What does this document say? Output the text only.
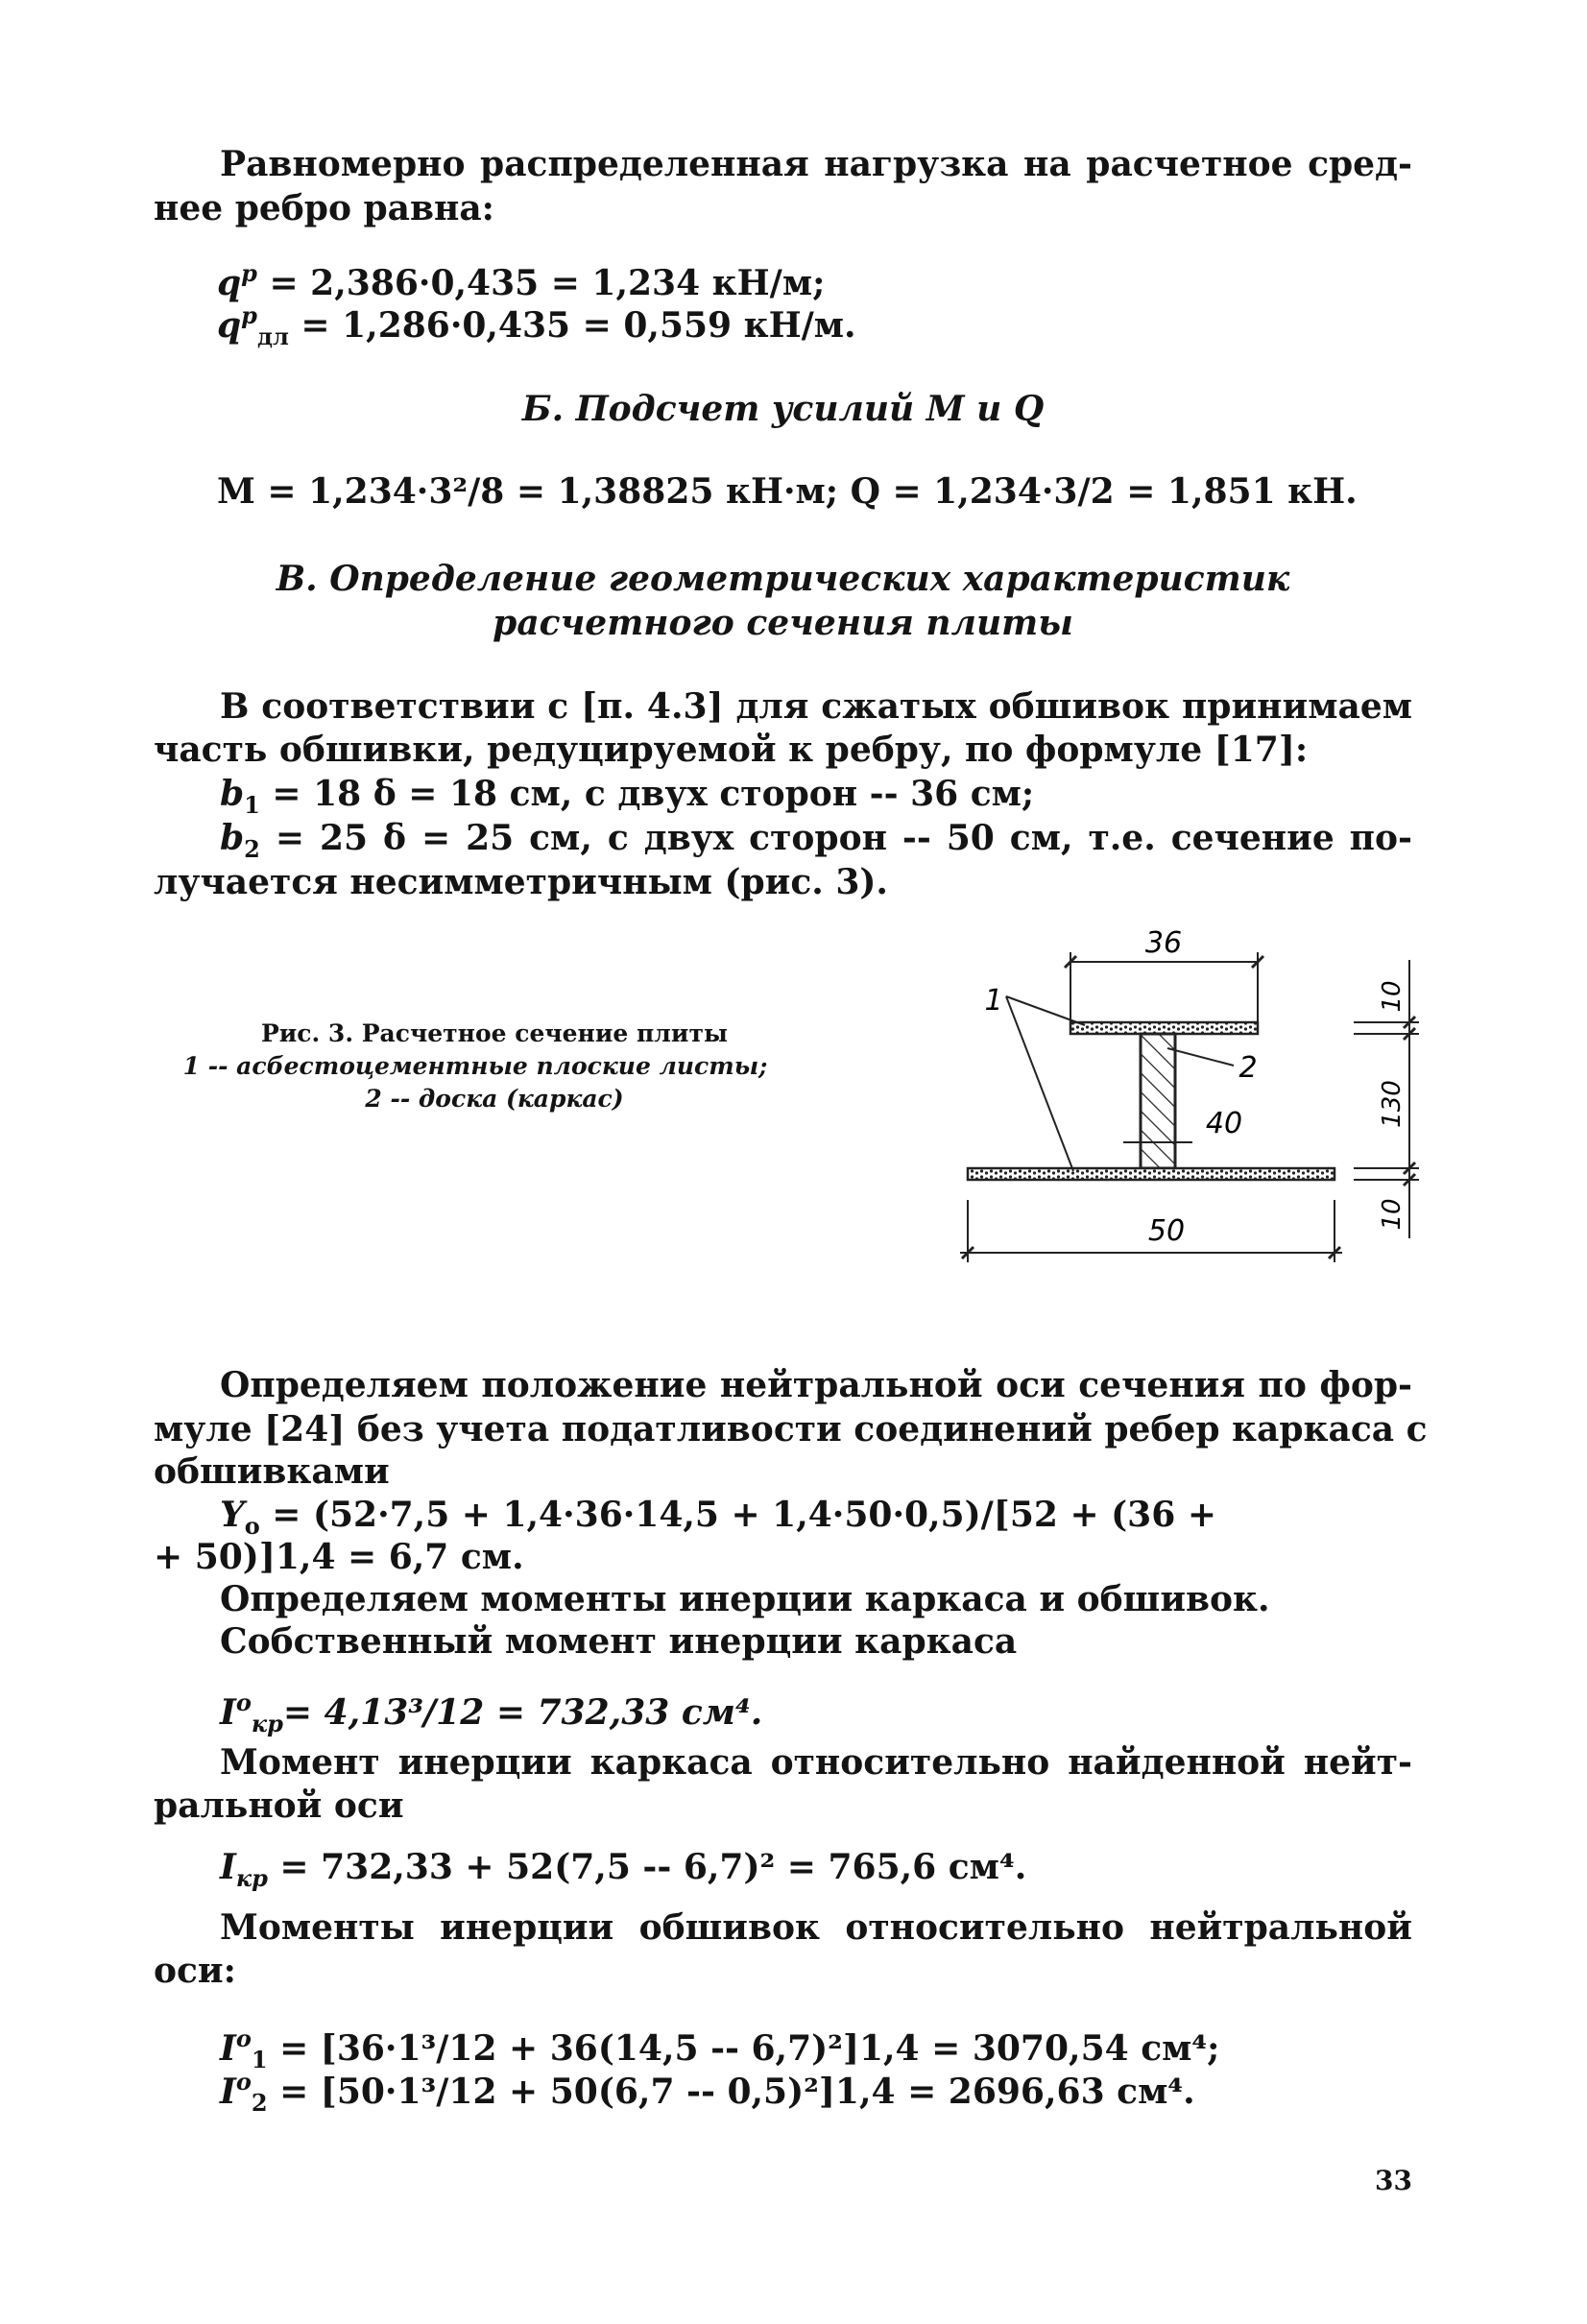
Равномерно распределенная нагрузка на расчетное сред-
нее ребро равна:
$q^р = 2,386\cdot 0,435 = 1,234$ кН/м;
$q^р_{дл} = 1,286\cdot 0,435 = 0,559$ кН/м.
Б. Подсчет усилий M и Q
M = 1,234·3²/8 = 1,38825 кН·м; Q = 1,234·3/2 = 1,851 кН.
В. Определение геометрических характеристик
расчетного сечения плиты
В соответствии с [п. 4.3] для сжатых обшивок принимаем
часть обшивки, редуцируемой к ребру, по формуле [17]:
$b_1 = 18$ δ = 18 см, с двух сторон -- 36 см;
$b_2 = 25$ δ = 25 см, с двух сторон -- 50 см, т.е. сечение по-
лучается несимметричным (рис. 3).
Рис. 3. Расчетное сечение плиты
1 -- асбестоцементные плоские листы;
2 -- доска (каркас)
36
40
50
1
2
10
130
10
Определяем положение нейтральной оси сечения по фор-
муле [24] без учета податливости соединений ребер каркаса с
обшивками
$Y_о = (52\cdot 7,5 + 1,4\cdot 36\cdot 14,5 + 1,4\cdot 50\cdot 0,5)/[52 + (36$ +
+ 50)]1,4 = 6,7 см.
Определяем моменты инерции каркаса и обшивок.
Собственный момент инерции каркаса
$I^о_{кр}= 4,13^3/12 = 732,33$ см⁴.
Момент инерции каркаса относительно найденной нейт-
ральной оси
$I_{кр} = 732,33 + 52(7,5 -- 6,7)^2 = 765,6$ см⁴.
Моменты инерции обшивок относительно нейтральной
оси:
$I^о_1 = [36\cdot 1^3/12 + 36(14,5 -- 6,7)^2]1,4 = 3070,54$ см⁴;
$I^о_2 = [50\cdot 1^3/12 + 50(6,7 -- 0,5)^2]1,4 = 2696,63$ см⁴.
33
